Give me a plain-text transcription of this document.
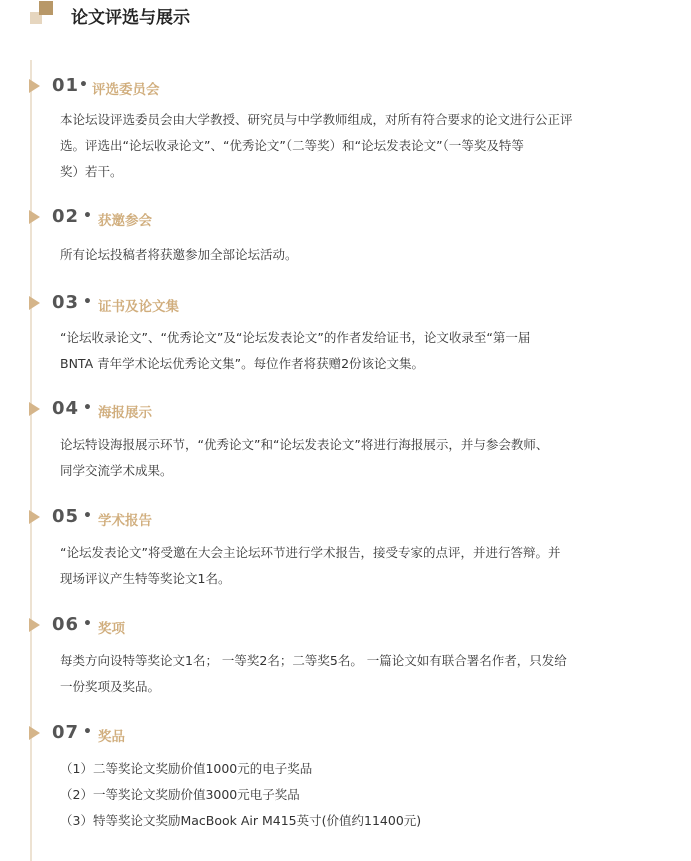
论文评选与展示
01 • 评选委员会

本论坛设评选委员会由大学教授、研究员与中学教师组成，对所有符合要求的论文进行公正评

选。评选出“论坛收录论文”、“优秀论文”（二等奖）和“论坛发表论文”（一等奖及特等

奖）若干。

02 • 获邀参会

所有论坛投稿者将获邀参加全部论坛活动。

03 • 证书及论文集

“论坛收录论文”、“优秀论文”及“论坛发表论文”的作者发给证书，论文收录至“第一届

BNTA 青年学术论坛优秀论文集”。每位作者将获赠2份该论文集。

04 • 海报展示

论坛特设海报展示环节，“优秀论文”和“论坛发表论文”将进行海报展示，并与参会教师、

同学交流学术成果。

05 • 学术报告

“论坛发表论文”将受邀在大会主论坛环节进行学术报告，接受专家的点评，并进行答辩。并

现场评议产生特等奖论文1名。

06 • 奖项

每类方向设特等奖论文1名； 一等奖2名；二等奖5名。 一篇论文如有联合署名作者，只发给

一份奖项及奖品。

07 • 奖品

（1）二等奖论文奖励价值1000元的电子奖品

（2）一等奖论文奖励价值3000元电子奖品

（3）特等奖论文奖励MacBook Air M415英寸(价值约11400元)
